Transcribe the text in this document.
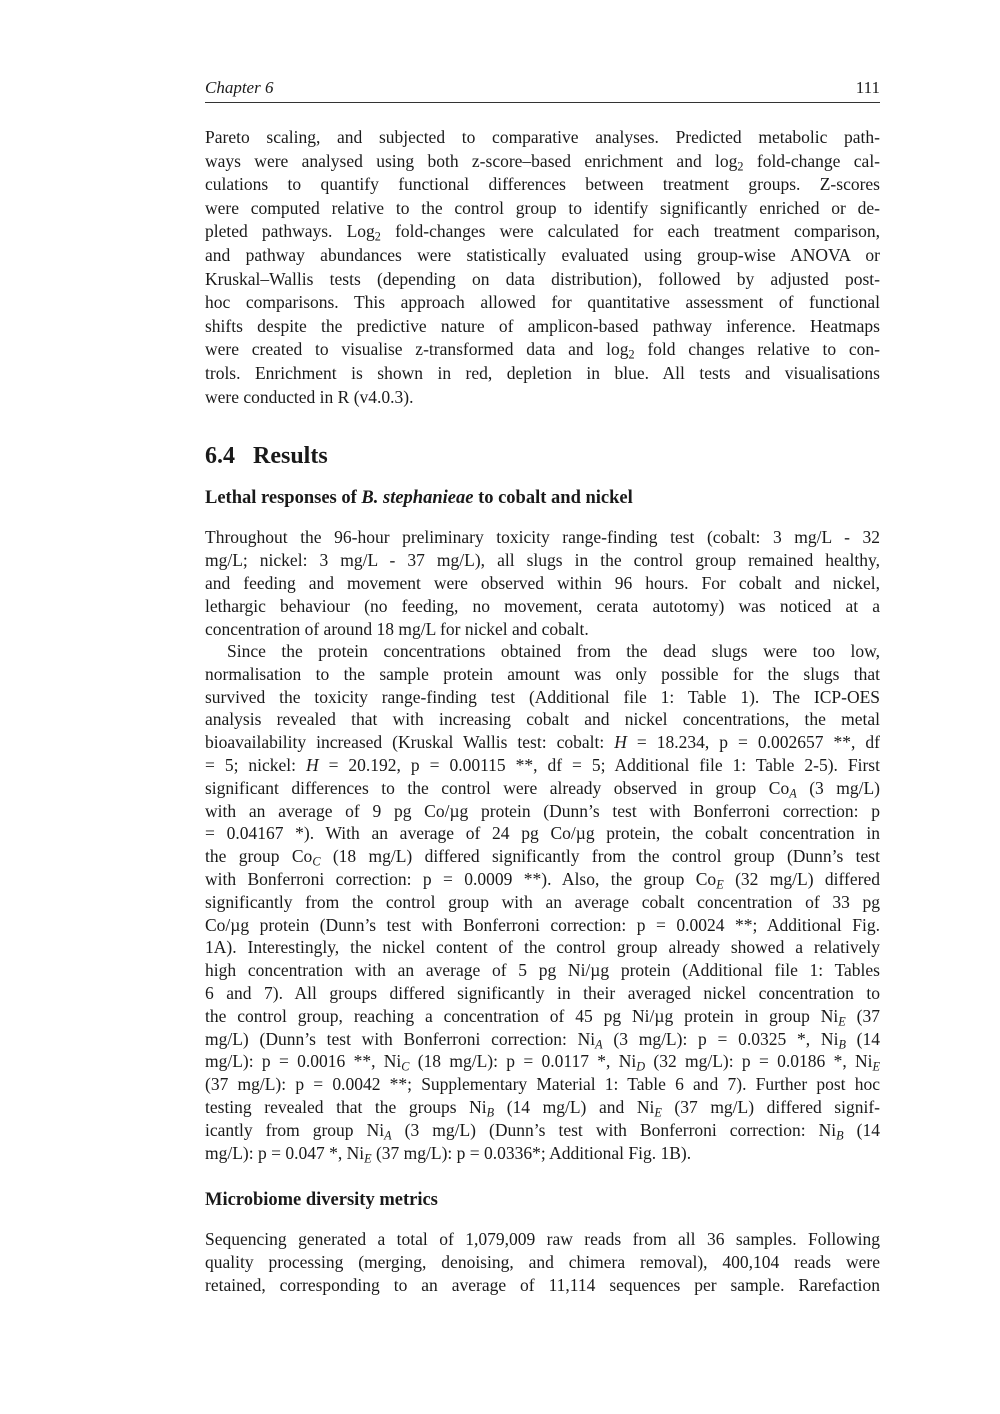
Chapter 6	111
Pareto scaling, and subjected to comparative analyses. Predicted metabolic path-
ways were analysed using both z-score–based enrichment and $\log_2$ fold-change cal-
culations to quantify functional differences between treatment groups. Z-scores
were computed relative to the control group to identify significantly enriched or de-
pleted pathways. Log$_2$ fold-changes were calculated for each treatment comparison,
and pathway abundances were statistically evaluated using group-wise ANOVA or
Kruskal–Wallis tests (depending on data distribution), followed by adjusted post-
hoc comparisons. This approach allowed for quantitative assessment of functional
shifts despite the predictive nature of amplicon-based pathway inference. Heatmaps
were created to visualise z-transformed data and $\log_2$ fold changes relative to con-
trols. Enrichment is shown in red, depletion in blue. All tests and visualisations
were conducted in R (v4.0.3).
6.4 Results
Lethal responses of B. stephanieae to cobalt and nickel
Throughout the 96-hour preliminary toxicity range-finding test (cobalt: 3 mg/L - 32
mg/L; nickel: 3 mg/L - 37 mg/L), all slugs in the control group remained healthy,
and feeding and movement were observed within 96 hours. For cobalt and nickel,
lethargic behaviour (no feeding, no movement, cerata autotomy) was noticed at a
concentration of around 18 mg/L for nickel and cobalt.
Since the protein concentrations obtained from the dead slugs were too low,
normalisation to the sample protein amount was only possible for the slugs that
survived the toxicity range-finding test (Additional file 1: Table 1). The ICP-OES
analysis revealed that with increasing cobalt and nickel concentrations, the metal
bioavailability increased (Kruskal Wallis test: cobalt: H = 18.234, p = 0.002657 **, df
= 5; nickel: H = 20.192, p = 0.00115 **, df = 5; Additional file 1: Table 2-5). First
significant differences to the control were already observed in group $Co_A$ (3 mg/L)
with an average of 9 pg Co/µg protein (Dunn’s test with Bonferroni correction: p
= 0.04167 *). With an average of 24 pg Co/µg protein, the cobalt concentration in
the group $Co_C$ (18 mg/L) differed significantly from the control group (Dunn’s test
with Bonferroni correction: p = 0.0009 **). Also, the group $Co_E$ (32 mg/L) differed
significantly from the control group with an average cobalt concentration of 33 pg
Co/µg protein (Dunn’s test with Bonferroni correction: p = 0.0024 **; Additional Fig.
1A). Interestingly, the nickel content of the control group already showed a relatively
high concentration with an average of 5 pg Ni/µg protein (Additional file 1: Tables
6 and 7). All groups differed significantly in their averaged nickel concentration to
the control group, reaching a concentration of 45 pg Ni/µg protein in group $Ni_E$ (37
mg/L) (Dunn’s test with Bonferroni correction: $Ni_A$ (3 mg/L): p = 0.0325 *, $Ni_B$ (14
mg/L): p = 0.0016 **, $Ni_C$ (18 mg/L): p = 0.0117 *, $Ni_D$ (32 mg/L): p = 0.0186 *, $Ni_E$
(37 mg/L): p = 0.0042 **; Supplementary Material 1: Table 6 and 7). Further post hoc
testing revealed that the groups $Ni_B$ (14 mg/L) and $Ni_E$ (37 mg/L) differed signif-
icantly from group $Ni_A$ (3 mg/L) (Dunn’s test with Bonferroni correction: $Ni_B$ (14
mg/L): p = 0.047 *, $Ni_E$ (37 mg/L): p = 0.0336*; Additional Fig. 1B).
Microbiome diversity metrics
Sequencing generated a total of 1,079,009 raw reads from all 36 samples. Following
quality processing (merging, denoising, and chimera removal), 400,104 reads were
retained, corresponding to an average of 11,114 sequences per sample. Rarefaction
